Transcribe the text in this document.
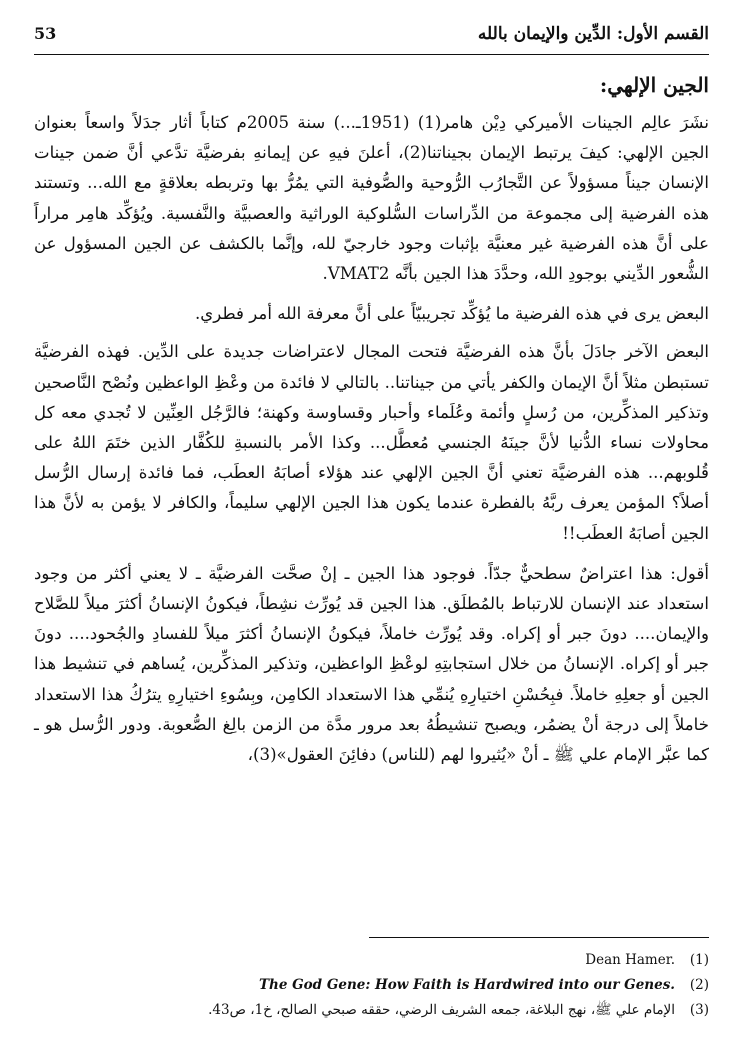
القسم الأول: الدِّين والإيمان بالله
53
الجين الإلهي:

نشَرَ عالِم الجينات الأميركي دِيْن هامر(1) (1951ـ...) سنة 2005م كتاباً أثار جدَلاً واسعاً بعنوان الجين الإلهي: كيفَ يرتبط الإيمان بجيناتنا(2)، أعلنَ فيهِ عن إيمانهِ بفرضيَّة تدَّعي أنَّ ضمن جينات الإنسان جيناً مسؤولاً عن التَّجارُب الرُّوحية والصُّوفية التي يمُرُّ بها وتربطه بعلاقةٍ مع الله... وتستند هذه الفرضية إلى مجموعة من الدِّراسات السُّلوكية الوراثية والعصبيَّة والنَّفسية. ويُؤكِّد هامِر مراراً على أنَّ هذه الفرضية غير معنيَّة بإثبات وجود خارجيّ لله، وإنَّما بالكشف عن الجين المسؤول عن الشُّعور الدِّيني بوجودِ الله، وحدَّدَ هذا الجين بأنَّه VMAT2.

البعض يرى في هذه الفرضية ما يُؤكِّد تجريبيّاً على أنَّ معرفة الله أمر فطري.

البعض الآخر جادَلَ بأنَّ هذه الفرضيَّة فتحت المجال لاعتراضات جديدة على الدِّين. فهذه الفرضيَّة تستبطن مثلاً أنَّ الإيمان والكفر يأتي من جيناتنا.. بالتالي لا فائدة من وعْظِ الواعظين ونُصْح النَّاصحين وتذكير المذكِّرين، من رُسلٍ وأئمة وعُلَماء وأحبار وقساوسة وكهنة؛ فالرَّجُل العِنِّين لا تُجدي معه كل محاولات نساء الدُّنيا لأنَّ جينَهُ الجنسي مُعطَّل... وكذا الأمر بالنسبةِ للكُفَّار الذين ختَمَ اللهُ على قُلوبهم... هذه الفرضيَّة تعني أنَّ الجين الإلهي عند هؤلاء أصابَهُ العطَب، فما فائدة إرسال الرُّسل أصلاً؟ المؤمن يعرف ربَّهُ بالفطرة عندما يكون هذا الجين الإلهي سليماً، والكافر لا يؤمن به لأنَّ هذا الجين أصابَهُ العطَب!!

أقول: هذا اعتراضٌ سطحيٌّ جدّاً. فوجود هذا الجين ـ إنْ صحَّت الفرضيَّة ـ لا يعني أكثر من وجود استعداد عند الإنسان للارتباط بالمُطلَق. هذا الجين قد يُورِّث نشِطاً، فيكونُ الإنسانُ أكثرَ ميلاً للصَّلاح والإيمان.... دونَ جبر أو إكراه. وقد يُورِّث خاملاً، فيكونُ الإنسانُ أكثرَ ميلاً للفسادِ والجُحود.... دونَ جبر أو إكراه. الإنسانُ من خلال استجابتِهِ لوعْظِ الواعظين، وتذكير المذكِّرين، يُساهم في تنشيط هذا الجين أو جعلِهِ خاملاً. فبِحُسْنِ اختيارِهِ يُنمِّي هذا الاستعداد الكامِن، وبِسُوءِ اختيارِهِ يترُكُ هذا الاستعداد خاملاً إلى درجة أنْ يضمُر، ويصبح تنشيطُهُ بعد مرور مدَّة من الزمن بالِغ الصُّعوبة. ودور الرُّسل هو ـ كما عبَّر الإمام علي ﷺ ـ أنْ «يُثيروا لهم (للناس) دفائِنَ العقول»(3)،

(1)
Dean Hamer.
(2)
The God Gene: How Faith is Hardwired into our Genes.
(3)
الإمام علي ﷺ، نهج البلاغة، جمعه الشريف الرضي، حققه صبحي الصالح، خ1، ص43.
